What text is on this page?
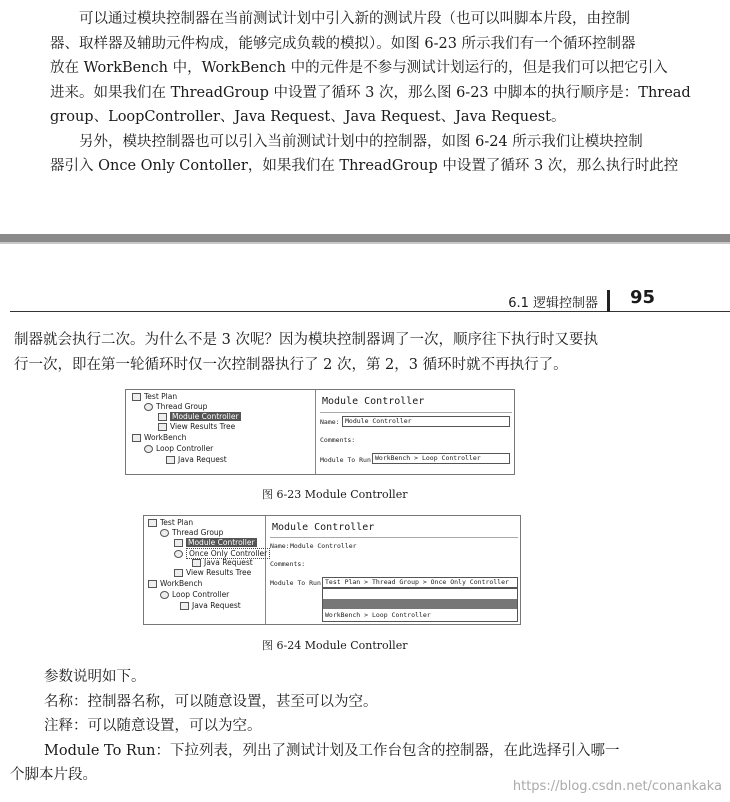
可以通过模块控制器在当前测试计划中引入新的测试片段（也可以叫脚本片段，由控制
器、取样器及辅助元件构成，能够完成负载的模拟）。如图 6-23 所示我们有一个循环控制器
放在 WorkBench 中，WorkBench 中的元件是不参与测试计划运行的，但是我们可以把它引入
进来。如果我们在 ThreadGroup 中设置了循环 3 次，那么图 6-23 中脚本的执行顺序是：Thread
group、LoopController、Java Request、Java Request、Java Request。
另外，模块控制器也可以引入当前测试计划中的控制器，如图 6-24 所示我们让模块控制
器引入 Once Only Contoller，如果我们在 ThreadGroup 中设置了循环 3 次，那么执行时此控
6.1 逻辑控制器 95
制器就会执行二次。为什么不是 3 次呢？因为模块控制器调了一次，顺序往下执行时又要执
行一次，即在第一轮循环时仅一次控制器执行了 2 次，第 2，3 循环时就不再执行了。
Test Plan
Thread Group
Module Controller
View Results Tree
WorkBench
Loop Controller
Java Request
Module Controller
Name: Module Controller
Comments:
Module To Run WorkBench > Loop Controller
图 6-23 Module Controller
Test Plan
Thread Group
Module Controller
Once Only Controller
Java Request
View Results Tree
WorkBench
Loop Controller
Java Request
Module Controller
Name: Module Controller
Comments:
Module To Run Test Plan > Thread Group > Once Only Controller
WorkBench > Loop Controller
图 6-24 Module Controller
参数说明如下。
名称：控制器名称，可以随意设置，甚至可以为空。
注释：可以随意设置，可以为空。
Module To Run：下拉列表，列出了测试计划及工作台包含的控制器，在此选择引入哪一
个脚本片段。
https://blog.csdn.net/conankaka
